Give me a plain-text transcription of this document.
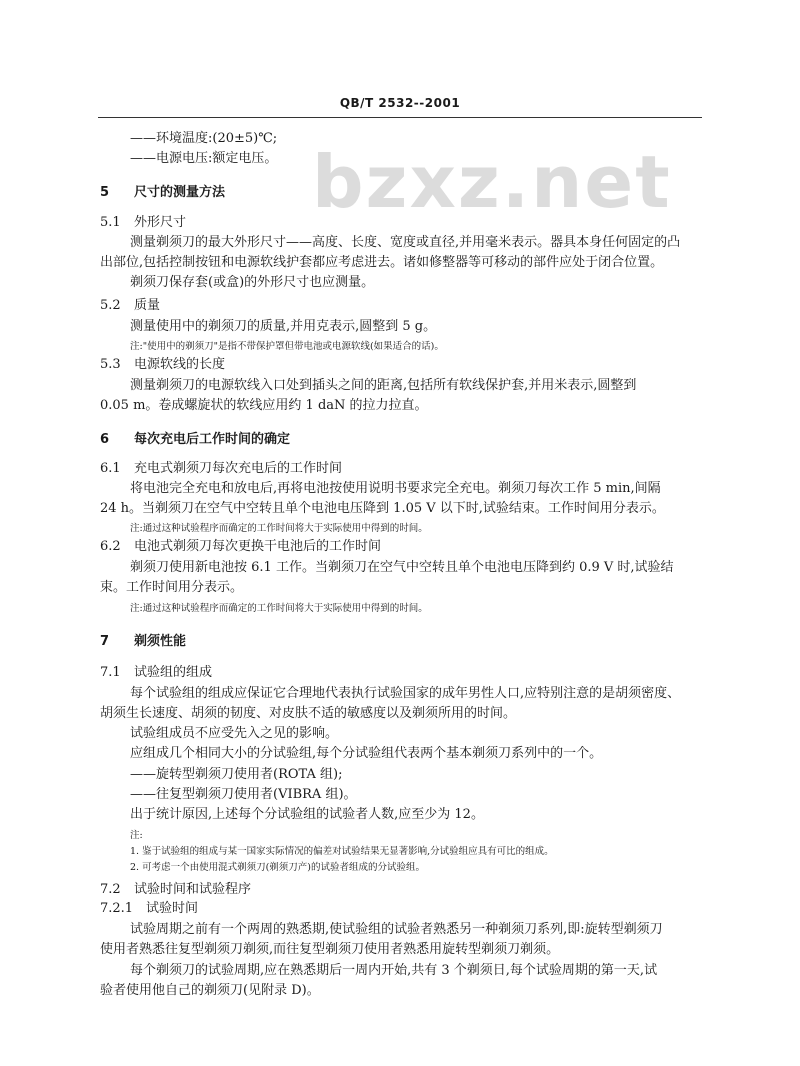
QB/T 2532--2001
bzxz.net
——环境温度:(20±5)℃;
——电源电压:额定电压。
5 尺寸的测量方法
5.1 外形尺寸
测量剃须刀的最大外形尺寸——高度、长度、宽度或直径,并用毫米表示。器具本身任何固定的凸
出部位,包括控制按钮和电源软线护套都应考虑进去。诸如修整器等可移动的部件应处于闭合位置。
剃须刀保存套(或盒)的外形尺寸也应测量。
5.2 质量
测量使用中的剃须刀的质量,并用克表示,圆整到 5 g。
注:"使用中的剃须刀"是指不带保护罩但带电池或电源软线(如果适合的话)。
5.3 电源软线的长度
测量剃须刀的电源软线入口处到插头之间的距离,包括所有软线保护套,并用米表示,圆整到
0.05 m。卷成螺旋状的软线应用约 1 daN 的拉力拉直。
6 每次充电后工作时间的确定
6.1 充电式剃须刀每次充电后的工作时间
将电池完全充电和放电后,再将电池按使用说明书要求完全充电。剃须刀每次工作 5 min,间隔
24 h。当剃须刀在空气中空转且单个电池电压降到 1.05 V 以下时,试验结束。工作时间用分表示。
注:通过这种试验程序而确定的工作时间将大于实际使用中得到的时间。
6.2 电池式剃须刀每次更换干电池后的工作时间
剃须刀使用新电池按 6.1 工作。当剃须刀在空气中空转且单个电池电压降到约 0.9 V 时,试验结
束。工作时间用分表示。
注:通过这种试验程序而确定的工作时间将大于实际使用中得到的时间。
7 剃须性能
7.1 试验组的组成
每个试验组的组成应保证它合理地代表执行试验国家的成年男性人口,应特别注意的是胡须密度、
胡须生长速度、胡须的韧度、对皮肤不适的敏感度以及剃须所用的时间。
试验组成员不应受先入之见的影响。
应组成几个相同大小的分试验组,每个分试验组代表两个基本剃须刀系列中的一个。
——旋转型剃须刀使用者(ROTA 组);
——往复型剃须刀使用者(VIBRA 组)。
出于统计原因,上述每个分试验组的试验者人数,应至少为 12。
注:
1. 鉴于试验组的组成与某一国家实际情况的偏差对试验结果无显著影响,分试验组应具有可比的组成。
2. 可考虑一个由使用混式剃须刀(剃须刀产)的试验者组成的分试验组。
7.2 试验时间和试验程序
7.2.1 试验时间
试验周期之前有一个两周的熟悉期,使试验组的试验者熟悉另一种剃须刀系列,即:旋转型剃须刀
使用者熟悉往复型剃须刀剃须,而往复型剃须刀使用者熟悉用旋转型剃须刀剃须。
每个剃须刀的试验周期,应在熟悉期后一周内开始,共有 3 个剃须日,每个试验周期的第一天,试
验者使用他自己的剃须刀(见附录 D)。
